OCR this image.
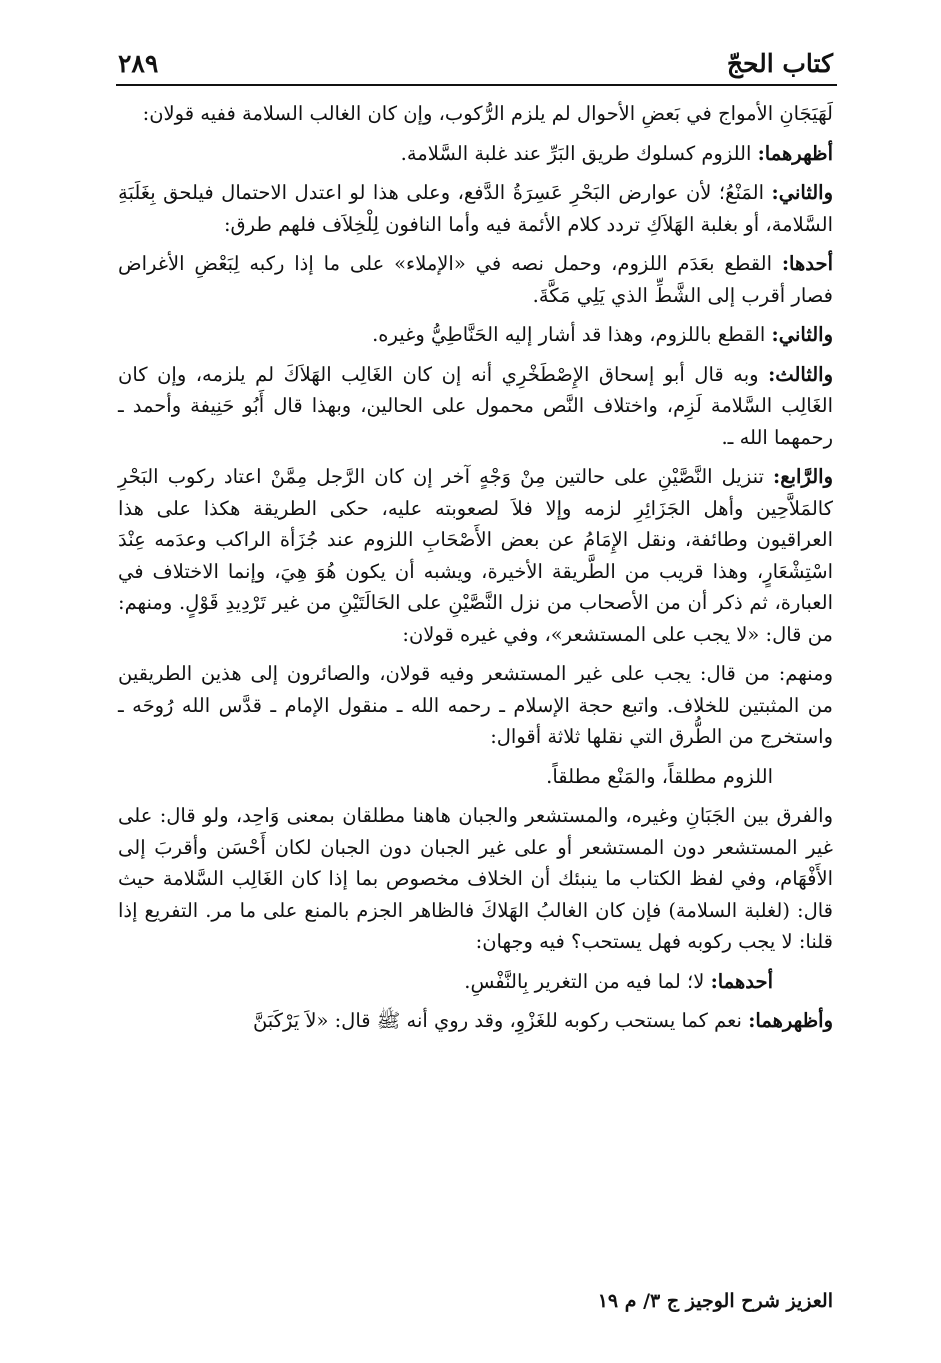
كتاب الحجّ
٢٨٩

لَهَيَجَانِ الأمواج في بَعضِ الأحوال لم يلزم الرُّكوب، وإن كان الغالب السلامة ففيه قولان:

أظهرهما: اللزوم كسلوك طريق البَرِّ عند غلبة السَّلامة.

والثاني: المَنْعُ؛ لأن عوارض البَحْرِ عَسِرَةُ الدَّفع، وعلى هذا لو اعتدل الاحتمال فيلحق بِغَلَبَةِ السَّلامة، أو بغلبة الهَلاَكِ تردد كلام الأئمة فيه وأما النافون لِلْخِلاَف فلهم طرق:

أحدها: القطع بعَدَم اللزوم، وحمل نصه في «الإملاء» على ما إذا ركبه لِبَعْضِ الأغراض فصار أقرب إلى الشَّطِّ الذي يَلِي مَكَّةَ.

والثاني: القطع باللزوم، وهذا قد أشار إليه الحَنَّاطِيُّ وغيره.

والثالث: وبه قال أبو إسحاق الإِصْطَخْرِي أنه إن كان الغَالِب الهَلاَكَ لم يلزمه، وإن كان الغَالِب السَّلامة لَزِم، واختلاف النَّص محمول على الحالين، وبهذا قال أَبُو حَنِيفة وأحمد ـ رحمهما الله ـ.

والرَّابع: تنزيل النَّصَّيْنِ على حالتين مِنْ وَجْهٍ آخر إن كان الرَّجل مِمَّنْ اعتاد ركوب البَحْرِ كالمَلاَّحِين وأهل الجَزَائِرِ لزمه وإلا فلاَ لصعوبته عليه، حكى الطريقة هكذا على هذا العراقيون وطائفة، ونقل الإِمَامُ عن بعض الأَصْحَابِ اللزوم عند جُزَأة الراكب وعدَمه عِنْدَ اسْتِشْعَارٍ، وهذا قريب من الطَّريقة الأخيرة، ويشبه أن يكون هُوَ هِيَ، وإنما الاختلاف في العبارة، ثم ذكر أن من الأصحاب من نزل النَّصَّيْنِ على الحَالَتَيْنِ من غير تَرْدِيدِ قَوْلٍ. ومنهم: من قال: «لا يجب على المستشعر»، وفي غيره قولان:

ومنهم: من قال: يجب على غير المستشعر وفيه قولان، والصائرون إلى هذين الطريقين من المثبتين للخلاف. واتبع حجة الإسلام ـ رحمه الله ـ منقول الإمام ـ قدَّس الله رُوحَه ـ واستخرج من الطُّرق التي نقلها ثلاثة أقوال:

اللزوم مطلقاً، والمَنْع مطلقاً.

والفرق بين الجَبَانِ وغيره، والمستشعر والجبان هاهنا مطلقان بمعنى وَاحِد، ولو قال: على غير المستشعر دون المستشعر أو على غير الجبان دون الجبان لكان أَحْسَن وأقربَ إلى الأَفْهَام، وفي لفظ الكتاب ما ينبئك أن الخلاف مخصوص بما إذا كان الغَالِب السَّلامة حيث قال: (لغلبة السلامة) فإن كان الغالبُ الهَلاكَ فالظاهر الجزم بالمنع على ما مر. التفريع إذا قلنا: لا يجب ركوبه فهل يستحب؟ فيه وجهان:

أحدهما: لا؛ لما فيه من التغرير بِالنَّفْسِ.

وأظهرهما: نعم كما يستحب ركوبه للغَزْوِ، وقد روي أنه ﷺ قال: «لاَ يَرْكَبَنَّ

العزيز شرح الوجيز ج ٣/ م ١٩
